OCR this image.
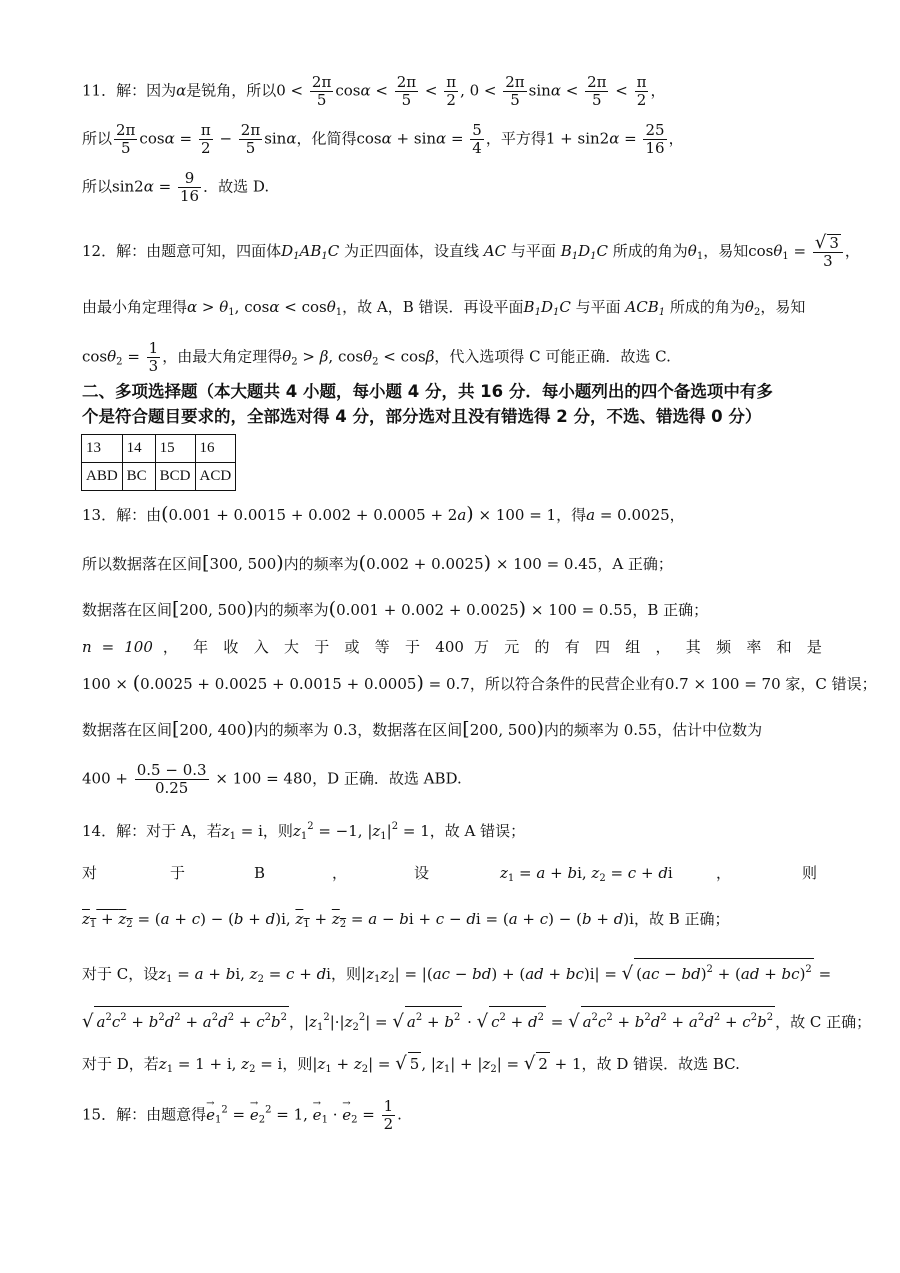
11．解：因为α是锐角，所以$0 < \frac{2\pi}{5}$ $\cos\alpha < \frac{2\pi}{5} < \frac{\pi}{2}$ , $0 < \frac{2\pi}{5}$ $\sin\alpha < \frac{2\pi}{5} < \frac{\pi}{2}$ ，
所以 $\frac{2\pi}{5}$ $\cos\alpha = \frac{\pi}{2} - \frac{2\pi}{5}$ sinα，化简得$\cos\alpha + \sin\alpha = \frac{5}{4}$ ，平方得$1 + \sin 2\alpha = \frac{25}{16}$ ，
所以$\sin 2\alpha = \frac{9}{16}$ ．故选 D.
12．解：由题意可知，四面体$D_1AB_1C$ 为正四面体，设直线 AC 与平面 $B_1D_1C$ 所成的角为$\theta_1$，易知$\cos\theta_1 = \frac{√ 3}{3}$ ，
由最小角定理得$\alpha > \theta_1$, cosα < cosθ$_1$，故 A，B 错误．再设平面$B_1D_1C$ 与平面 $ACB_1$ 所成的角为$\theta_2$，易知
$\cos\theta_2 = \frac{1}{3}$ ，由最大角定理得$\theta_2 > \beta$, cosθ$_2$ < cosβ，代入选项得 C 可能正确．故选 C.
二、多项选择题（本大题共 4 小题，每小题 4 分，共 16 分．每小题列出的四个备选项中有多
个是符合题目要求的，全部选对得 4 分，部分选对且没有错选得 2 分，不选、错选得 0 分）
13	14	15	16
ABD	BC	BCD	ACD
13．解：由(0.001 + 0.0015 + 0.002 + 0.0005 + 2a) × 100 = 1，得a = 0.0025，
所以数据落在区间[300, 500)内的频率为(0.002 + 0.0025) × 100 = 0.45，A 正确；
数据落在区间[200, 500)内的频率为(0.001 + 0.002 + 0.0025) × 100 = 0.55，B 正确；
n = 100 ， 年 收 入 大 于 或 等 于 400 万 元 的 有 四 组 ， 其 频 率 和 是
100 × (0.0025 + 0.0025 + 0.0015 + 0.0005) = 0.7，所以符合条件的民营企业有0.7 × 100 = 70 家，C 错误；
数据落在区间[200, 400)内的频率为 0.3，数据落在区间[200, 500)内的频率为 0.55，估计中位数为
$400 + \frac{0.5 - 0.3}{0.25} \times 100 = 480$，D 正确．故选 ABD.
14．解：对于 A，若$z_1 = i$，则$z_1^2 = -1$, $|z_1|^2 = 1$，故 A 错误；
对	于	B	，	设	$z_1 = a$ + bi, $z_2 = c$ + di	，	则
$z_1 + z_2 = (a + c) - (b + d)i$, $z_1 + z_2 = a$ − bi + c − di = (a + c) − (b + d)i，故 B 正确；
对于 C，设$z_1 = a$ + bi, $z_2 = c$ + di，则$|z_1z_2| = |(ac - bd) + (ad + bc)i|$ = √ (ac − bd)$^2$ + (ad + bc)$^2$ =
√ $a^2c^2 + b^2d^2 + a^2d^2 + c^2b^2$ ，$|z_1^2|\cdot|z_2^2|$ = √ $a^2 + b^2$ · √ $c^2 + d^2$ = √ $a^2c^2 + b^2d^2 + a^2d^2 + c^2b^2$ ，故 C 正确；
对于 D，若$z_1 = 1 + i$, $z_2 = i$，则$|z_1 + z_2|$ = √ 5 , $|z_1| + |z_2|$ = √ 2 + 1，故 D 错误．故选 BC.
15．解：由题意得→ $e_1^2$ = → $e_2^2 = 1$, → $e_1$ · → $e_2 = \frac{1}{2}$ .
